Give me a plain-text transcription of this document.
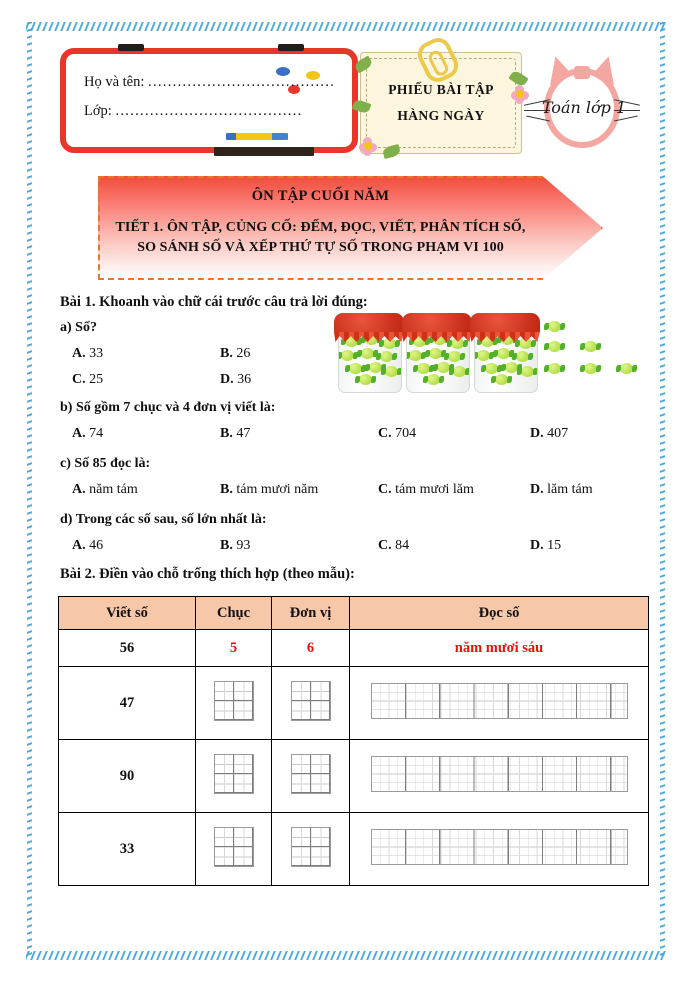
Họ và tên: ......................................
Lớp: ......................................
PHIẾU BÀI TẬP
HÀNG NGÀY	Toán lớp 1
ÔN TẬP CUỐI NĂM
TIẾT 1. ÔN TẬP, CỦNG CỐ: ĐẾM, ĐỌC, VIẾT, PHÂN TÍCH SỐ,
SO SÁNH SỐ VÀ XẾP THỨ TỰ SỐ TRONG PHẠM VI 100
Bài 1. Khoanh vào chữ cái trước câu trả lời đúng:
a) Số?
A. 33	B. 26
C. 25	D. 36
b) Số gồm 7 chục và 4 đơn vị viết là:
A. 74	B. 47	C. 704	D. 407
c) Số 85 đọc là:
A. năm tám	B. tám mươi năm	C. tám mươi lăm	D. lăm tám
d) Trong các số sau, số lớn nhất là:
A. 46	B. 93	C. 84	D. 15
Bài 2. Điền vào chỗ trống thích hợp (theo mẫu):
Viết số	Chục	Đơn vị	Đọc số
56	5	6	năm mươi sáu
47			
90			
33			
